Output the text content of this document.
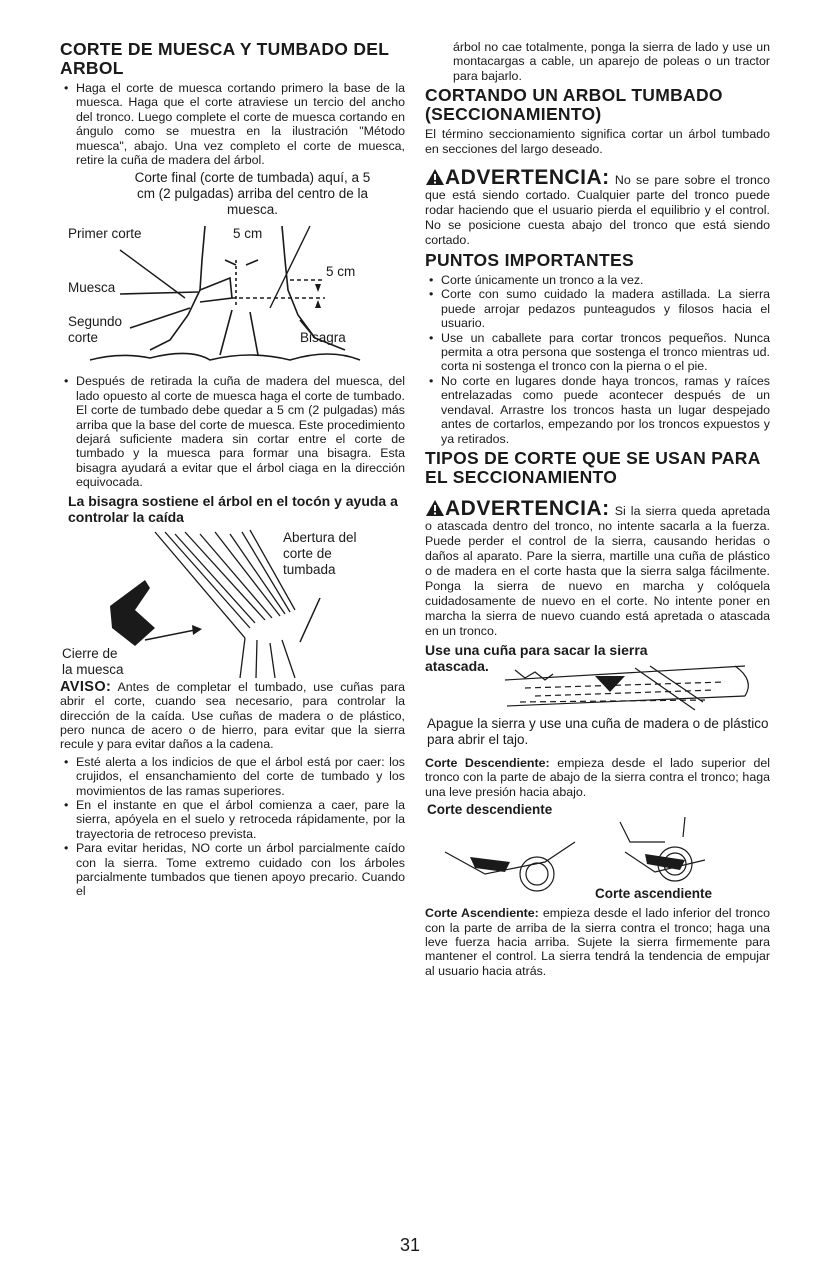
CORTE DE MUESCA Y TUMBADO DEL ARBOL
• Haga el corte de muesca cortando primero la base de la muesca. Haga que el corte atraviese un tercio del ancho del tronco. Luego complete el corte de muesca cortando en ángulo como se muestra en la ilustración "Método muesca", abajo. Una vez completo el corte de muesca, retire la cuña de madera del árbol.

Corte final (corte de tumbada) aquí, a 5 cm (2 pulgadas) arriba del centro de la muesca.

Primer corte	5 cm
5 cm
Muesca
Segundo
corte	Bisagra
• Después de retirada la cuña de madera del muesca, del lado opuesto al corte de muesca haga el corte de tumbado. El corte de tumbado debe quedar a 5 cm (2 pulgadas) más arriba que la base del corte de muesca. Este procedimiento dejará suficiente madera sin cortar entre el corte de tumbado y la muesca para formar una bisagra. Esta bisagra ayudará a evitar que el árbol ciaga en la dirección equivocada.

La bisagra sostiene el árbol en el tocón y ayuda a controlar la caída

Abertura del
corte de
tumbada
Cierre de
la muesca

AVISO: Antes de completar el tumbado, use cuñas para abrir el corte, cuando sea necesario, para controlar la dirección de la caída. Use cuñas de madera o de plástico, pero nunca de acero o de hierro, para evitar que la sierra recule y para evitar daños a la cadena.

• Esté alerta a los indicios de que el árbol está por caer: los crujidos, el ensanchamiento del corte de tumbado y los movimientos de las ramas superiores.
• En el instante en que el árbol comienza a caer, pare la sierra, apóyela en el suelo y retroceda rápidamente, por la trayectoria de retroceso prevista.
• Para evitar heridas, NO corte un árbol parcialmente caído con la sierra. Tome extremo cuidado con los árboles parcialmente tumbados que tienen apoyo precario. Cuando el

árbol no cae totalmente, ponga la sierra de lado y use un montacargas a cable, un aparejo de poleas o un tractor para bajarlo.

CORTANDO UN ARBOL TUMBADO (SECCIONAMIENTO)

El término seccionamiento significa cortar un árbol tumbado en secciones del largo deseado.

ADVERTENCIA: No se pare sobre el tronco que está siendo cortado. Cualquier parte del tronco puede rodar haciendo que el usuario pierda el equilibrio y el control. No se posicione cuesta abajo del tronco que está siendo cortado.

PUNTOS IMPORTANTES
• Corte únicamente un tronco a la vez.
• Corte con sumo cuidado la madera astillada. La sierra puede arrojar pedazos punteagudos y filosos hacia el usuario.
• Use un caballete para cortar troncos pequeños. Nunca permita a otra persona que sostenga el tronco mientras ud. corta ni sostenga el tronco con la pierna o el pie.
• No corte en lugares donde haya troncos, ramas y raíces entrelazadas como puede acontecer después de un vendaval. Arrastre los troncos hasta un lugar despejado antes de cortarlos, empezando por los troncos expuestos y ya retirados.
TIPOS DE CORTE QUE SE USAN PARA EL SECCIONAMIENTO

ADVERTENCIA: Si la sierra queda apretada o atascada dentro del tronco, no intente sacarla a la fuerza. Puede perder el control de la sierra, causando heridas o daños al aparato. Pare la sierra, martille una cuña de plástico o de madera en el corte hasta que la sierra salga fácilmente. Ponga la sierra de nuevo en marcha y colóquela cuidadosamente de nuevo en el corte. No intente poner en marcha la sierra de nuevo cuando está apretada o atascada en un tronco.

Use una cuña para sacar la sierra

atascada.

Apague la sierra y use una cuña de madera o de plástico para abrir el tajo.

Corte Descendiente: empieza desde el lado superior del tronco con la parte de abajo de la sierra contra el tronco; haga una leve presión hacia abajo.

Corte descendiente
Corte ascendiente

Corte Ascendiente: empieza desde el lado inferior del tronco con la parte de arriba de la sierra contra el tronco; haga una leve fuerza hacia arriba. Sujete la sierra firmemente para mantener el control. La sierra tendrá la tendencia de empujar al usuario hacia atrás.

31
